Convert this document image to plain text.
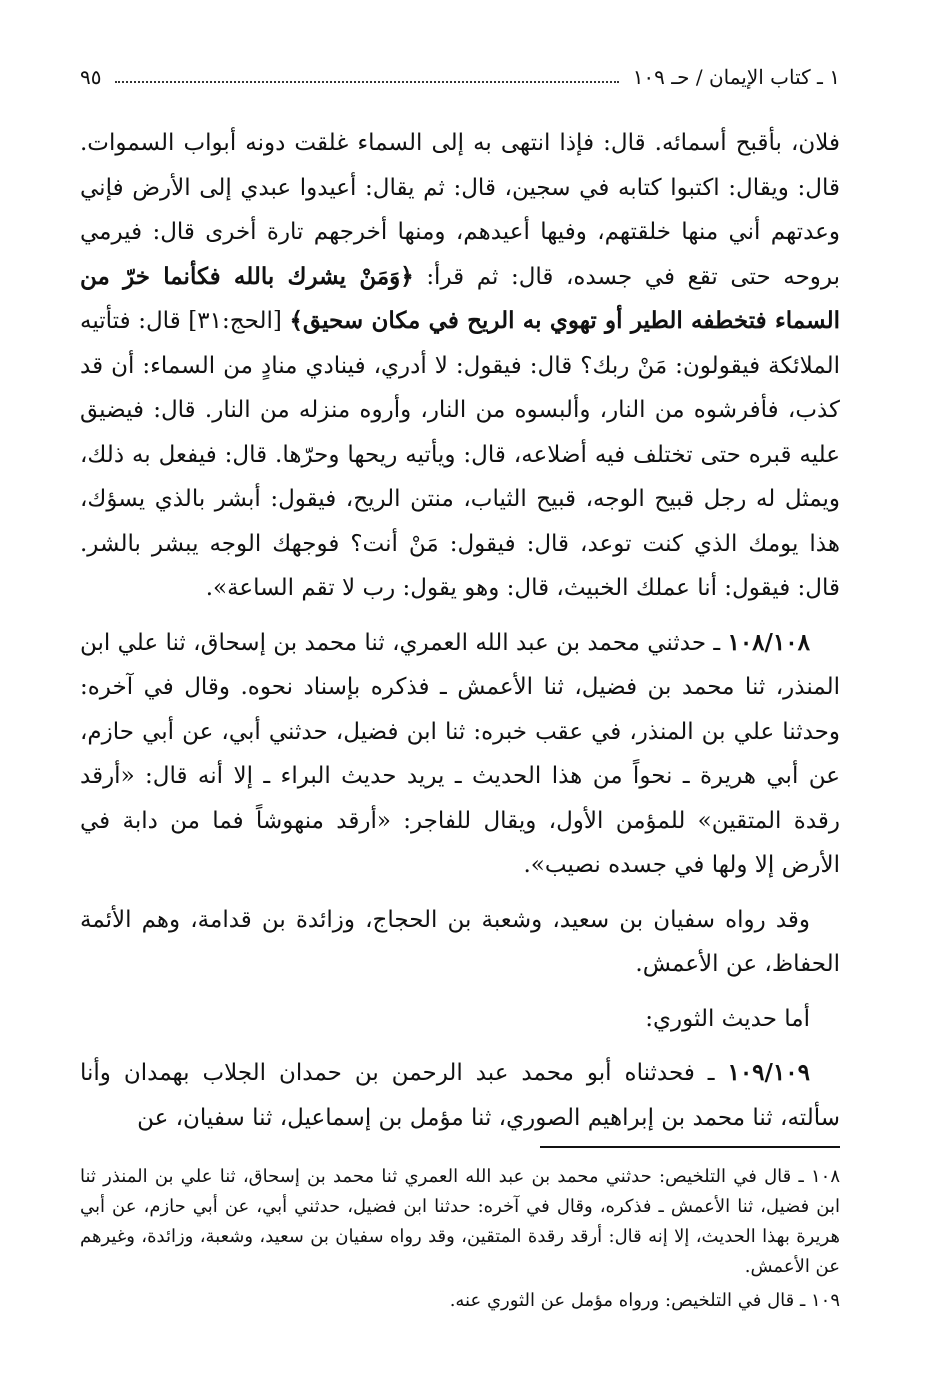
١ ـ كتاب الإيمان / حـ ١٠٩
٩٥

فلان، بأقبح أسمائه. قال: فإذا انتهى به إلى السماء غلقت دونه أبواب السموات. قال: ويقال: اكتبوا كتابه في سجين، قال: ثم يقال: أعيدوا عبدي إلى الأرض فإني وعدتهم أني منها خلقتهم، وفيها أعيدهم، ومنها أخرجهم تارة أخرى قال: فيرمي بروحه حتى تقع في جسده، قال: ثم قرأ: ﴿وَمَنْ يشرك بالله فكأنما خرّ من السماء فتخطفه الطير أو تهوي به الريح في مكان سحيق﴾ [الحج:٣١] قال: فتأتيه الملائكة فيقولون: مَنْ ربك؟ قال: فيقول: لا أدري، فينادي منادٍ من السماء: أن قد كذب، فأفرشوه من النار، وألبسوه من النار، وأروه منزله من النار. قال: فيضيق عليه قبره حتى تختلف فيه أضلاعه، قال: ويأتيه ريحها وحرّها. قال: فيفعل به ذلك، ويمثل له رجل قبيح الوجه، قبيح الثياب، منتن الريح، فيقول: أبشر بالذي يسؤك، هذا يومك الذي كنت توعد، قال: فيقول: مَنْ أنت؟ فوجهك الوجه يبشر بالشر. قال: فيقول: أنا عملك الخبيث، قال: وهو يقول: رب لا تقم الساعة».

١٠٨/١٠٨ ـ حدثني محمد بن عبد الله العمري، ثنا محمد بن إسحاق، ثنا علي ابن المنذر، ثنا محمد بن فضيل، ثنا الأعمش ـ فذكره بإسناد نحوه. وقال في آخره: وحدثنا علي بن المنذر، في عقب خبره: ثنا ابن فضيل، حدثني أبي، عن أبي حازم، عن أبي هريرة ـ نحواً من هذا الحديث ـ يريد حديث البراء ـ إلا أنه قال: «أرقد رقدة المتقين» للمؤمن الأول، ويقال للفاجر: «أرقد منهوشاً فما من دابة في الأرض إلا ولها في جسده نصيب».

وقد رواه سفيان بن سعيد، وشعبة بن الحجاج، وزائدة بن قدامة، وهم الأئمة الحفاظ، عن الأعمش.

أما حديث الثوري:

١٠٩/١٠٩ ـ فحدثناه أبو محمد عبد الرحمن بن حمدان الجلاب بهمدان وأنا سألته، ثنا محمد بن إبراهيم الصوري، ثنا مؤمل بن إسماعيل، ثنا سفيان، عن

١٠٨ ـ قال في التلخيص: حدثني محمد بن عبد الله العمري ثنا محمد بن إسحاق، ثنا علي بن المنذر ثنا ابن فضيل، ثنا الأعمش ـ فذكره، وقال في آخره: حدثنا ابن فضيل، حدثني أبي، عن أبي حازم، عن أبي هريرة بهذا الحديث، إلا إنه قال: أرقد رقدة المتقين، وقد رواه سفيان بن سعيد، وشعبة، وزائدة، وغيرهم عن الأعمش.

١٠٩ ـ قال في التلخيص: ورواه مؤمل عن الثوري عنه.
